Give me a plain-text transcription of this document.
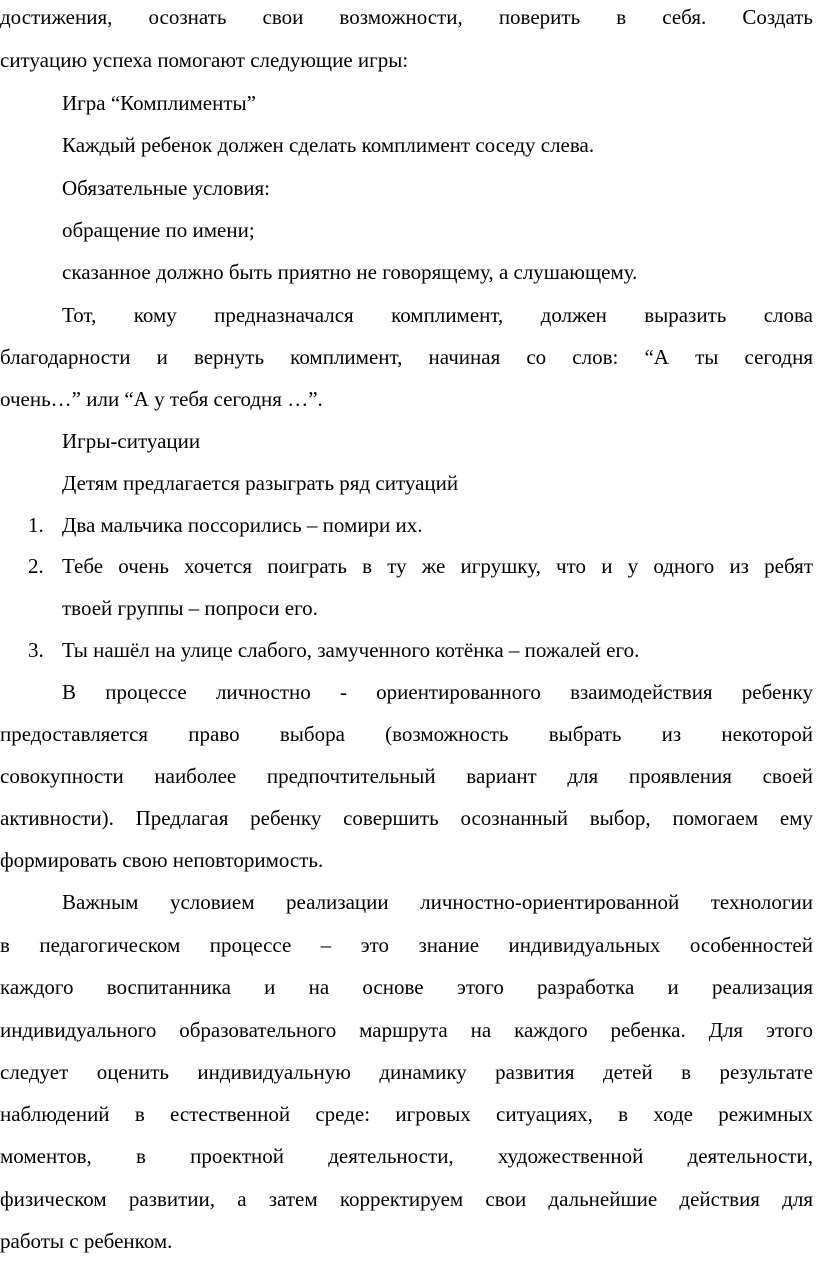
достижения, осознать свои возможности, поверить в себя. Создать
ситуацию успеха помогают следующие игры:
Игра “Комплименты”
Каждый ребенок должен сделать комплимент соседу слева.
Обязательные условия:
обращение по имени;
сказанное должно быть приятно не говорящему, а слушающему.
Тот, кому предназначался комплимент, должен выразить слова
благодарности и вернуть комплимент, начиная со слов: “А ты сегодня
очень…” или “А у тебя сегодня …”.
Игры-ситуации
Детям предлагается разыграть ряд ситуаций
1. Два мальчика поссорились – помири их.
2. Тебе очень хочется поиграть в ту же игрушку, что и у одного из ребят
твоей группы – попроси его.
3. Ты нашёл на улице слабого, замученного котёнка – пожалей его.
В процессе личностно - ориентированного взаимодействия ребенку
предоставляется право выбора (возможность выбрать из некоторой
совокупности наиболее предпочтительный вариант для проявления своей
активности). Предлагая ребенку совершить осознанный выбор, помогаем ему
формировать свою неповторимость.
Важным условием реализации личностно-ориентированной технологии
в педагогическом процессе – это знание индивидуальных особенностей
каждого воспитанника и на основе этого разработка и реализация
индивидуального образовательного маршрута на каждого ребенка. Для этого
следует оценить индивидуальную динамику развития детей в результате
наблюдений в естественной среде: игровых ситуациях, в ходе режимных
моментов, в проектной деятельности, художественной деятельности,
физическом развитии, а затем корректируем свои дальнейшие действия для
работы с ребенком.
